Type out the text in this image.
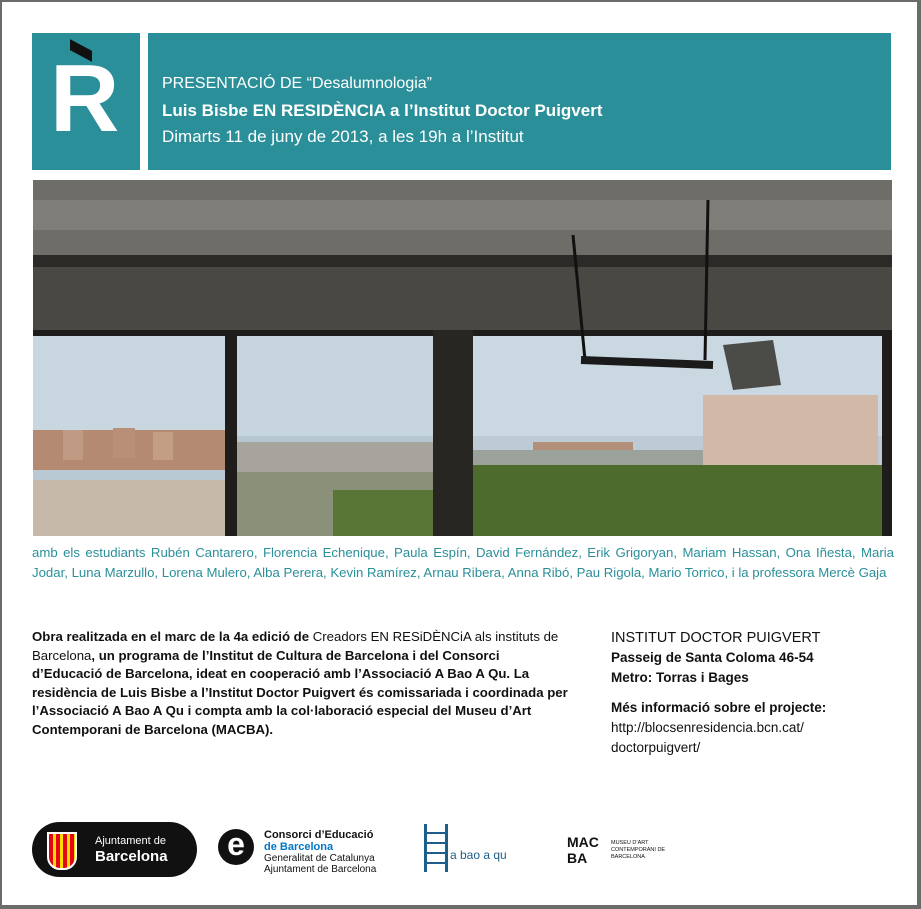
R	PRESENTACIÓ DE “Desalumnologia”
Luis Bisbe EN RESIDÈNCIA a l’Institut Doctor Puigvert
Dimarts 11 de juny de 2013, a les 19h a l’Institut
amb els estudiants Rubén Cantarero, Florencia Echenique, Paula Espín, David Fernández, Erik Grigoryan, Mariam Hassan, Ona Iñesta, Maria Jodar, Luna Marzullo, Lorena Mulero, Alba Perera, Kevin Ramírez, Arnau Ribera, Anna Ribó, Pau Rigola, Mario Torrico, i la professora Mercè Gaja
Obra realitzada en el marc de la 4a edició de Creadors EN RESiDÈNCiA als instituts de Barcelona, un programa de l’Institut de Cultura de Barcelona i del Consorci d’Educació de Barcelona, ideat en cooperació amb l’Associació A Bao A Qu. La residència de Luis Bisbe a l’Institut Doctor Puigvert és comissariada i coordinada per l’Associació A Bao A Qu i compta amb la col·laboració especial del Museu d’Art Contemporani de Barcelona (MACBA).
INSTITUT DOCTOR PUIGVERT
Passeig de Santa Coloma 46-54
Metro: Torras i Bages
Més informació sobre el projecte:
http://blocsenresidencia.bcn.cat/
doctorpuigvert/
Ajuntament de
Barcelona e	Consorci d’Educació
de Barcelona
Generalitat de Catalunya
Ajuntament de Barcelona
a bao a qu
MAC BA
MUSEU D’ART CONTEMPORANI DE BARCELONA
